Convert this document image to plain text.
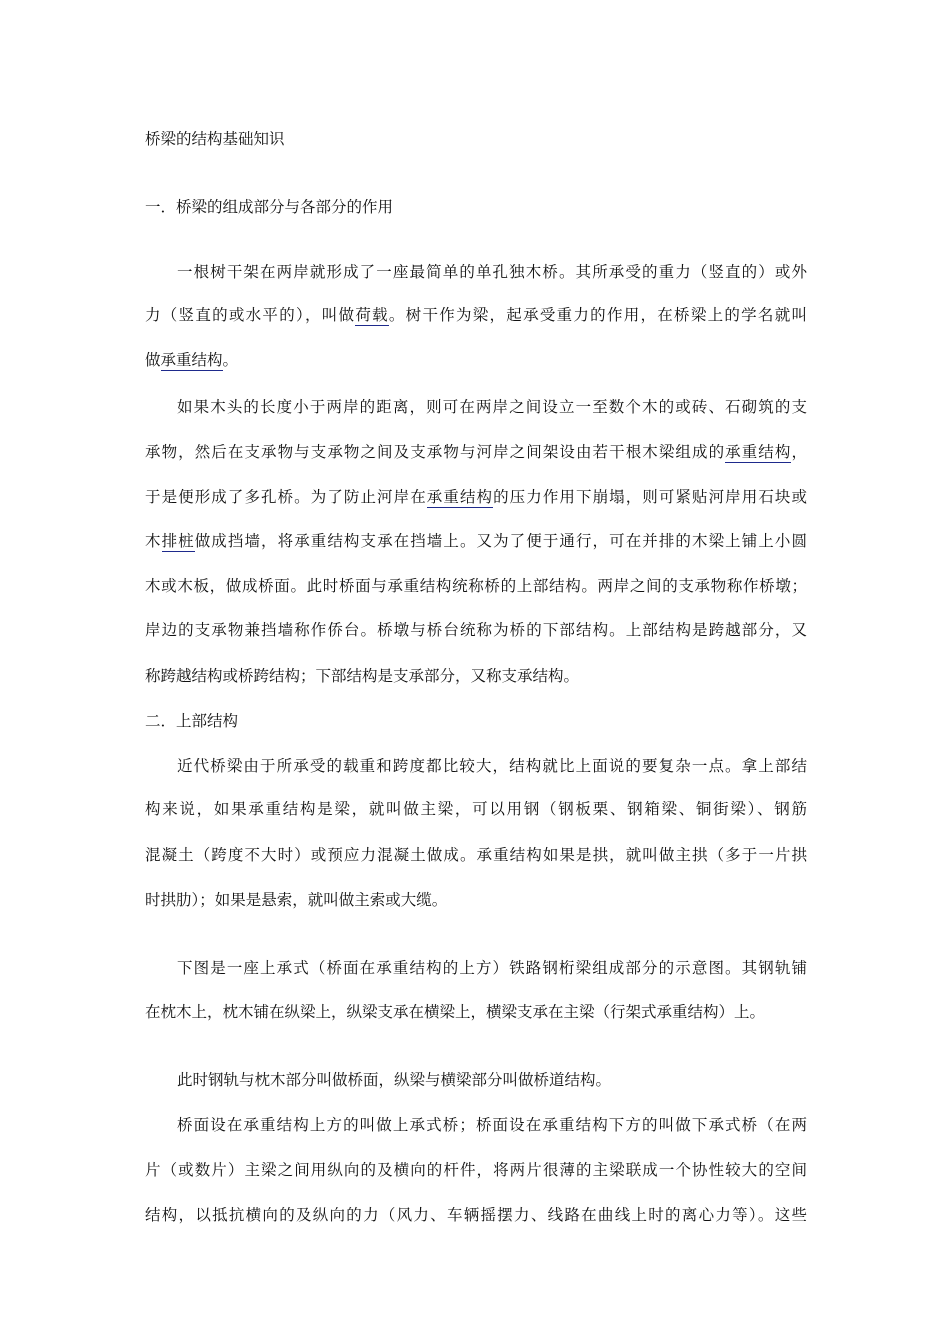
桥梁的结构基础知识
一．桥梁的组成部分与各部分的作用
一根树干架在两岸就形成了一座最简单的单孔独木桥。其所承受的重力（竖直的）或外
力（竖直的或水平的），叫做荷载。树干作为梁，起承受重力的作用，在桥梁上的学名就叫
做承重结构。
如果木头的长度小于两岸的距离，则可在两岸之间设立一至数个木的或砖、石砌筑的支
承物，然后在支承物与支承物之间及支承物与河岸之间架设由若干根木梁组成的承重结构，
于是便形成了多孔桥。为了防止河岸在承重结构的压力作用下崩塌，则可紧贴河岸用石块或
木排桩做成挡墙，将承重结构支承在挡墙上。又为了便于通行，可在并排的木梁上铺上小圆
木或木板，做成桥面。此时桥面与承重结构统称桥的上部结构。两岸之间的支承物称作桥墩；
岸边的支承物兼挡墙称作侨台。桥墩与桥台统称为桥的下部结构。上部结构是跨越部分，又
称跨越结构或桥跨结构；下部结构是支承部分，又称支承结构。
二．上部结构
近代桥梁由于所承受的载重和跨度都比较大，结构就比上面说的要复杂一点。拿上部结
构来说，如果承重结构是梁，就叫做主梁，可以用钢（钢板栗、钢箱梁、铜街梁）、钢筋
混凝土（跨度不大时）或预应力混凝土做成。承重结构如果是拱，就叫做主拱（多于一片拱
时拱肋）；如果是悬索，就叫做主索或大缆。
下图是一座上承式（桥面在承重结构的上方）铁路钢桁梁组成部分的示意图。其钢轨铺
在枕木上，枕木铺在纵梁上，纵梁支承在横梁上，横梁支承在主梁（行架式承重结构）上。
此时钢轨与枕木部分叫做桥面，纵梁与横梁部分叫做桥道结构。
桥面设在承重结构上方的叫做上承式桥；桥面设在承重结构下方的叫做下承式桥（在两
片（或数片）主梁之间用纵向的及横向的杆件，将两片很薄的主梁联成一个协性较大的空间
结构，以抵抗横向的及纵向的力（风力、车辆摇摆力、线路在曲线上时的离心力等）。这些
